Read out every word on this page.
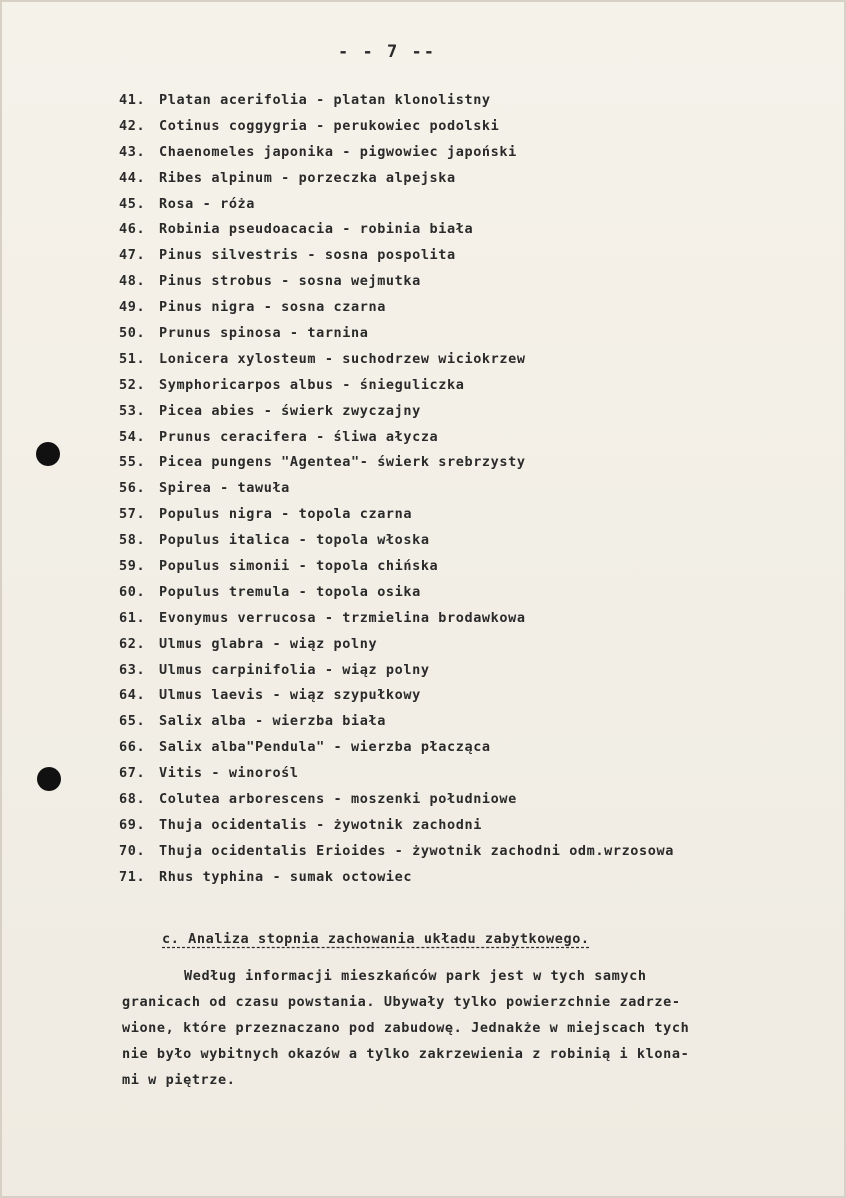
- - 7 --
41. Platan acerifolia - platan klonolistny
42. Cotinus coggygria - perukowiec podolski
43. Chaenomeles japonika - pigwowiec japoński
44. Ribes alpinum - porzeczka alpejska
45. Rosa - róża
46. Robinia pseudoacacia - robinia biała
47. Pinus silvestris - sosna pospolita
48. Pinus strobus - sosna wejmutka
49. Pinus nigra - sosna czarna
50. Prunus spinosa - tarnina
51. Lonicera xylosteum - suchodrzew wiciokrzew
52. Symphoricarpos albus - śnieguliczka
53. Picea abies - świerk zwyczajny
54. Prunus ceracifera - śliwa ałycza
55. Picea pungens "Agentea"- świerk srebrzysty
56. Spirea - tawuła
57. Populus nigra - topola czarna
58. Populus italica - topola włoska
59. Populus simonii - topola chińska
60. Populus tremula - topola osika
61. Evonymus verrucosa - trzmielina brodawkowa
62. Ulmus glabra - wiąz polny
63. Ulmus carpinifolia - wiąz polny
64. Ulmus laevis - wiąz szypułkowy
65. Salix alba - wierzba biała
66. Salix alba"Pendula" - wierzba płacząca
67. Vitis - winorośl
68. Colutea arborescens - moszenki południowe
69. Thuja ocidentalis - żywotnik zachodni
70. Thuja ocidentalis Erioides - żywotnik zachodni odm.wrzosowa
71. Rhus typhina - sumak octowiec
c. Analiza stopnia zachowania układu zabytkowego.

Według informacji mieszkańców park jest w tych samych
granicach od czasu powstania. Ubywały tylko powierzchnie zadrze-
wione, które przeznaczano pod zabudowę. Jednakże w miejscach tych
nie było wybitnych okazów a tylko zakrzewienia z robinią i klona-
mi w piętrze.
